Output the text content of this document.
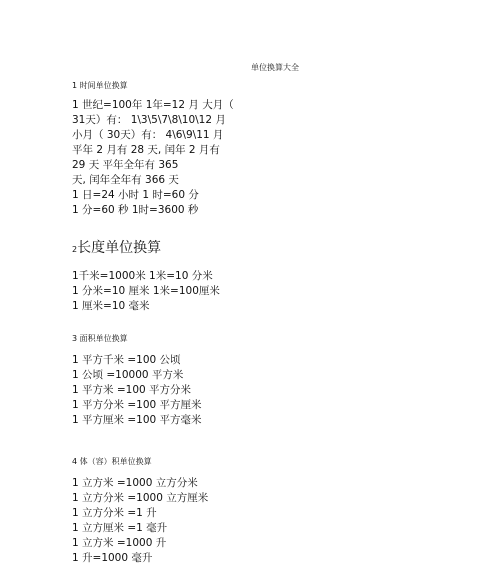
单位换算大全
1 时间单位换算
1 世纪=100年 1年=12 月 大月（
31天）有： 1\3\5\7\8\10\12 月
小月（ 30天）有： 4\6\9\11 月
平年 2 月有 28 天, 闰年 2 月有
29 天 平年全年有 365
天, 闰年全年有 366 天
1 日=24 小时 1 时=60 分
1 分=60 秒 1时=3600 秒
2长度单位换算
1千米=1000米 1米=10 分米
1 分米=10 厘米 1米=100厘米
1 厘米=10 毫米
3 面积单位换算
1 平方千米 =100 公顷
1 公顷 =10000 平方米
1 平方米 =100 平方分米
1 平方分米 =100 平方厘米
1 平方厘米 =100 平方毫米
4 体（容）积单位换算
1 立方米 =1000 立方分米
1 立方分米 =1000 立方厘米
1 立方分米 =1 升
1 立方厘米 =1 毫升
1 立方米 =1000 升
1 升=1000 毫升
